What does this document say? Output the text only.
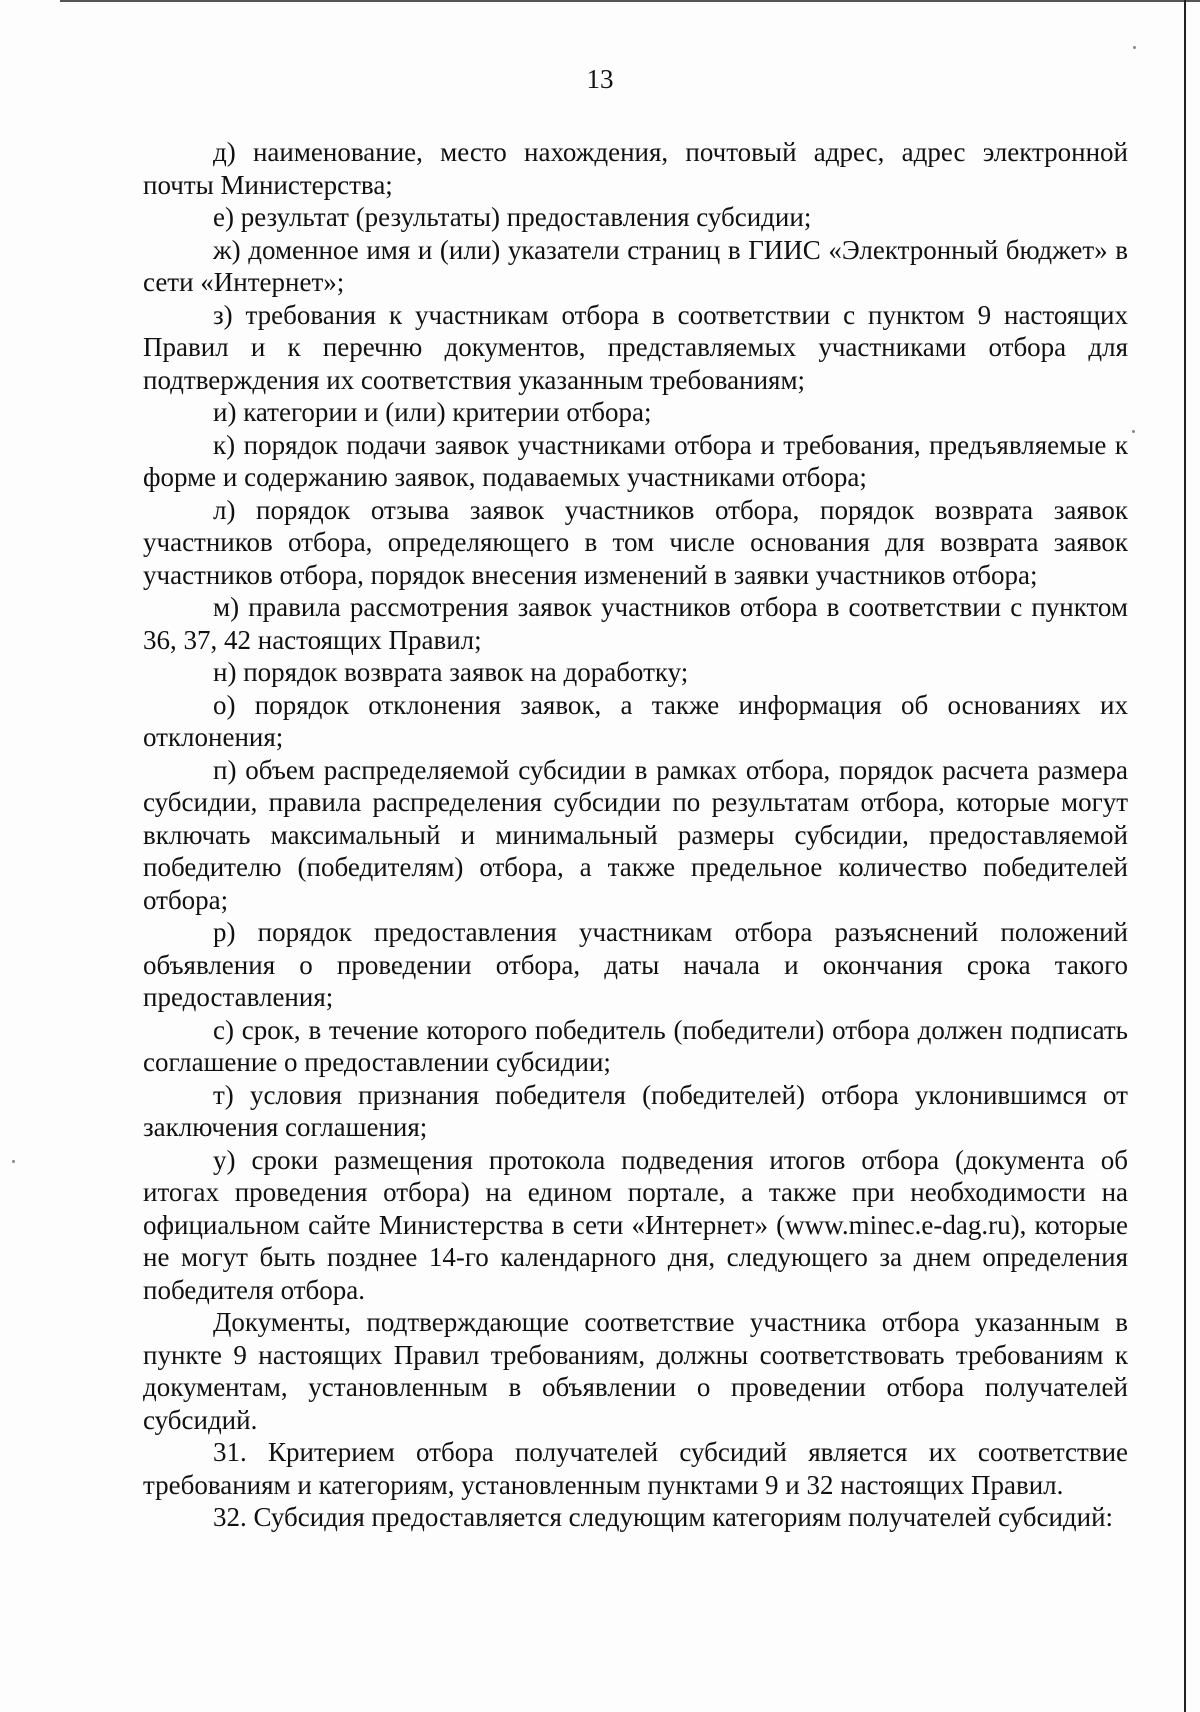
13

д) наименование, место нахождения, почтовый адрес, адрес электронной почты Министерства;

е) результат (результаты) предоставления субсидии;

ж) доменное имя и (или) указатели страниц в ГИИС «Электронный бюджет» в сети «Интернет»;

з) требования к участникам отбора в соответствии с пунктом 9 настоящих Правил и к перечню документов, представляемых участниками отбора для подтверждения их соответствия указанным требованиям;

и) категории и (или) критерии отбора;

к) порядок подачи заявок участниками отбора и требования, предъявляемые к форме и содержанию заявок, подаваемых участниками отбора;

л) порядок отзыва заявок участников отбора, порядок возврата заявок участников отбора, определяющего в том числе основания для возврата заявок участников отбора, порядок внесения изменений в заявки участников отбора;

м) правила рассмотрения заявок участников отбора в соответствии с пунктом 36, 37, 42 настоящих Правил;

н) порядок возврата заявок на доработку;

о) порядок отклонения заявок, а также информация об основаниях их отклонения;

п) объем распределяемой субсидии в рамках отбора, порядок расчета размера субсидии, правила распределения субсидии по результатам отбора, которые могут включать максимальный и минимальный размеры субсидии, предоставляемой победителю (победителям) отбора, а также предельное количество победителей отбора;

р) порядок предоставления участникам отбора разъяснений положений объявления о проведении отбора, даты начала и окончания срока такого предоставления;

с) срок, в течение которого победитель (победители) отбора должен подписать соглашение о предоставлении субсидии;

т) условия признания победителя (победителей) отбора уклонившимся от заключения соглашения;

у) сроки размещения протокола подведения итогов отбора (документа об итогах проведения отбора) на едином портале, а также при необходимости на официальном сайте Министерства в сети «Интернет» (www.minec.e-dag.ru), которые не могут быть позднее 14-го календарного дня, следующего за днем определения победителя отбора.

Документы, подтверждающие соответствие участника отбора указанным в пункте 9 настоящих Правил требованиям, должны соответствовать требованиям к документам, установленным в объявлении о проведении отбора получателей субсидий.

31. Критерием отбора получателей субсидий является их соответствие требованиям и категориям, установленным пунктами 9 и 32 настоящих Правил.

32. Субсидия предоставляется следующим категориям получателей субсидий:
